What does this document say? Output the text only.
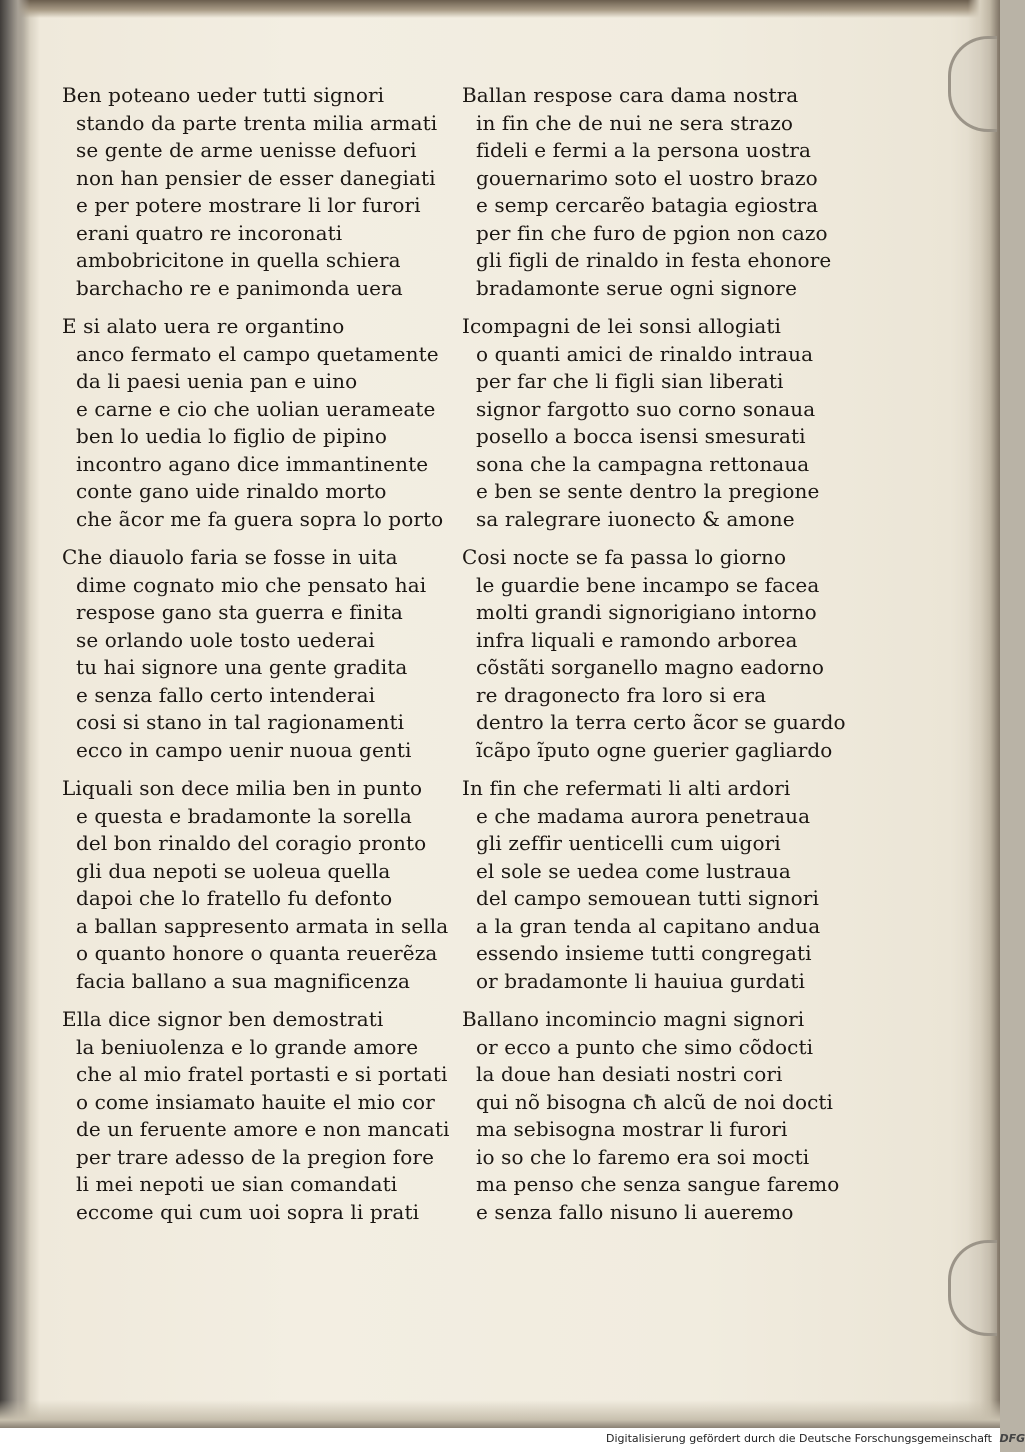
Ben poteano ueder tutti signori
stando da parte trenta milia armati
se gente de arme uenisse defuori
non han pensier de esser danegiati
e per potere mostrare li lor furori
erani quatro re incoronati
ambobricitone in quella schiera
barchacho re e panimonda uera
E si alato uera re organtino
anco fermato el campo quetamente
da li paesi uenia pan e uino
e carne e cio che uolian uerameate
ben lo uedia lo figlio de pipino
incontro agano dice immantinente
conte gano uide rinaldo morto
che ãcor me fa guera sopra lo porto
Che diauolo faria se fosse in uita
dime cognato mio che pensato hai
respose gano sta guerra e finita
se orlando uole tosto uederai
tu hai signore una gente gradita
e senza fallo certo intenderai
cosi si stano in tal ragionamenti
ecco in campo uenir nuoua genti
Liquali son dece milia ben in punto
e questa e bradamonte la sorella
del bon rinaldo del coragio pronto
gli dua nepoti se uoleua quella
dapoi che lo fratello fu defonto
a ballan sappresento armata in sella
o quanto honore o quanta reuerẽza
facia ballano a sua magnificenza
Ella dice signor ben demostrati
la beniuolenza e lo grande amore
che al mio fratel portasti e si portati
o come insiamato hauite el mio cor
de un feruente amore e non mancati
per trare adesso de la pregion fore
li mei nepoti ue sian comandati
eccome qui cum uoi sopra li prati
Ballan respose cara dama nostra
in fin che de nui ne sera strazo
fideli e fermi a la persona uostra
gouernarimo soto el uostro brazo
e semp cercarẽo batagia egiostra
per fin che furo de pgion non cazo
gli figli de rinaldo in festa ehonore
bradamonte serue ogni signore
Icompagni de lei sonsi allogiati
o quanti amici de rinaldo intraua
per far che li figli sian liberati
signor fargotto suo corno sonaua
posello a bocca isensi smesurati
sona che la campagna rettonaua
e ben se sente dentro la pregione
sa ralegrare iuonecto & amone
Cosi nocte se fa passa lo giorno
le guardie bene incampo se facea
molti grandi signorigiano intorno
infra liquali e ramondo arborea
cõstãti sorganello magno eadorno
re dragonecto fra loro si era
dentro la terra certo ãcor se guardo
ĩcãpo ĩputo ogne guerier gagliardo
In fin che refermati li alti ardori
e che madama aurora penetraua
gli zeffir uenticelli cum uigori
el sole se uedea come lustraua
del campo semouean tutti signori
a la gran tenda al capitano andua
essendo insieme tutti congregati
or bradamonte li hauiua gurdati
Ballano incomincio magni signori
or ecco a punto che simo cõdocti
la doue han desiati nostri cori
qui nõ bisogna cħ alcũ de noi docti
ma sebisogna mostrar li furori
io so che lo faremo era soi mocti
ma penso che senza sangue faremo
e senza fallo nisuno li aueremo
Digitalisierung gefördert durch die Deutsche Forschungsgemeinschaft DFG
